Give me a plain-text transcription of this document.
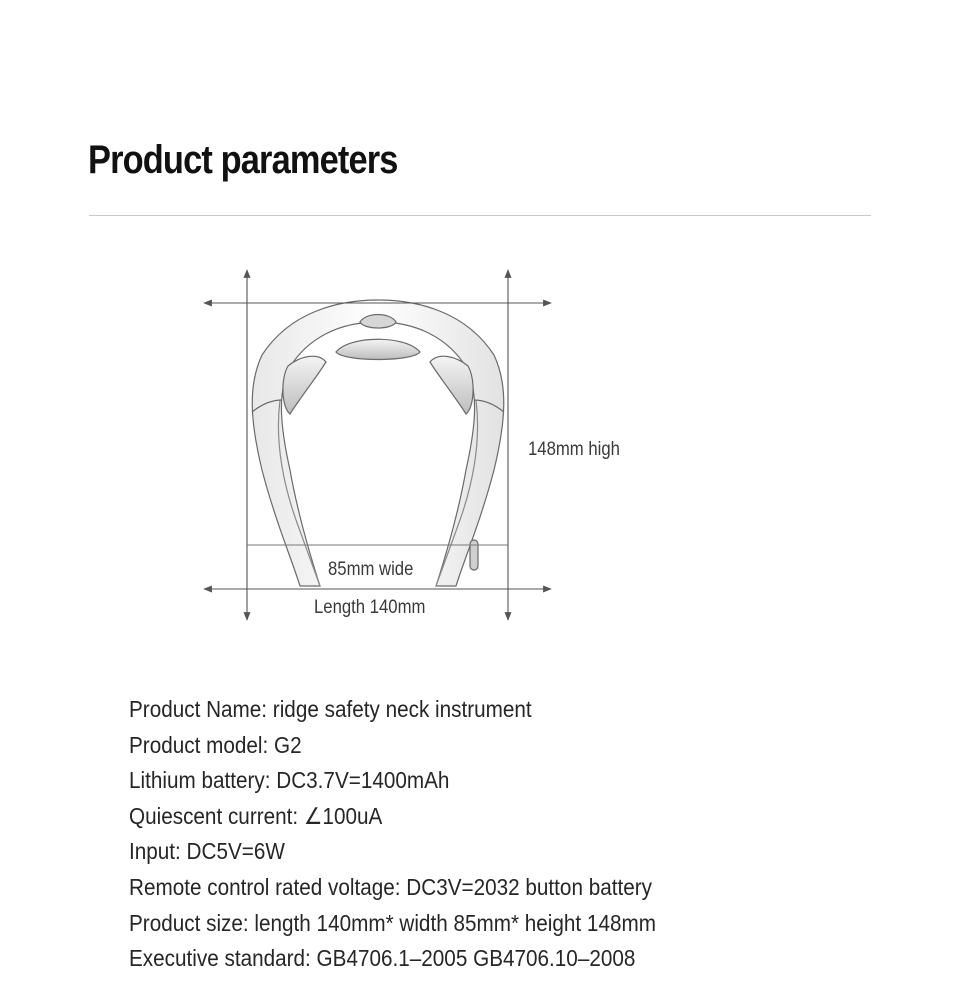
Product parameters
148mm high
85mm wide
Length 140mm
Product Name: ridge safety neck instrument
Product model: G2
Lithium battery: DC3.7V=1400mAh
Quiescent current: ∠100uA
Input: DC5V=6W
Remote control rated voltage: DC3V=2032 button battery
Product size: length 140mm* width 85mm* height 148mm
Executive standard: GB4706.1–2005 GB4706.10–2008
